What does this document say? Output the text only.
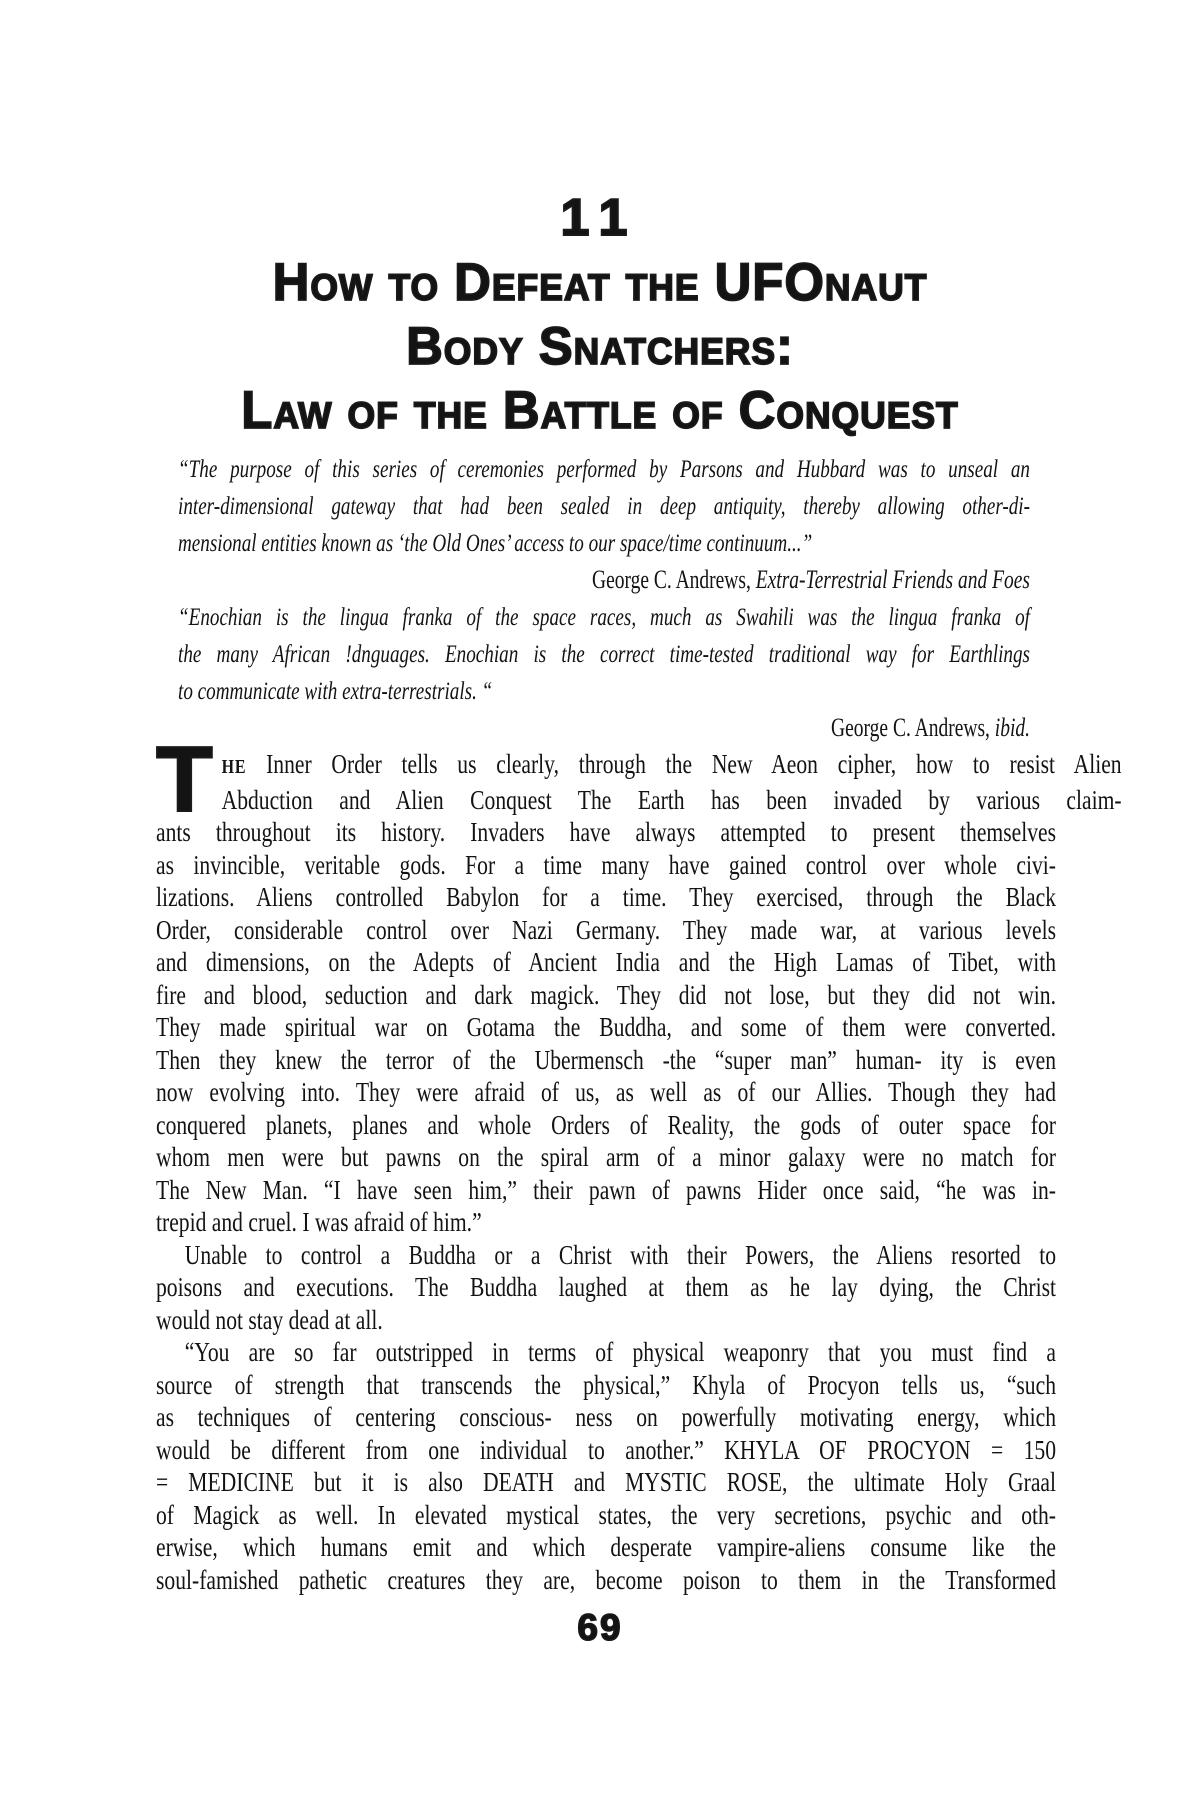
11
How to Defeat the UFOnaut
Body Snatchers:
Law of the Battle of Conquest
“The purpose of this series of ceremonies performed by Parsons and Hubbard was to unseal an
inter-dimensional gateway that had been sealed in deep antiquity, thereby allowing other-di-
mensional entities known as ‘the Old Ones’ access to our space/time continuum...”
George C. Andrews, Extra-Terrestrial Friends and Foes
“Enochian is the lingua franka of the space races, much as Swahili was the lingua franka of
the many African !dnguages. Enochian is the correct time-tested traditional way for Earthlings
to communicate with extra-terrestrials. “
George C. Andrews, ibid.
T HE Inner Order tells us clearly, through the New Aeon cipher, how to resist Alien
Abduction and Alien Conquest The Earth has been invaded by various claim-
ants throughout its history. Invaders have always attempted to present themselves
as invincible, veritable gods. For a time many have gained control over whole civi-
lizations. Aliens controlled Babylon for a time. They exercised, through the Black
Order, considerable control over Nazi Germany. They made war, at various levels
and dimensions, on the Adepts of Ancient India and the High Lamas of Tibet, with
fire and blood, seduction and dark magick. They did not lose, but they did not win.
They made spiritual war on Gotama the Buddha, and some of them were converted.
Then they knew the terror of the Ubermensch -the “super man” human- ity is even
now evolving into. They were afraid of us, as well as of our Allies. Though they had
conquered planets, planes and whole Orders of Reality, the gods of outer space for
whom men were but pawns on the spiral arm of a minor galaxy were no match for
The New Man. “I have seen him,” their pawn of pawns Hider once said, “he was in-
trepid and cruel. I was afraid of him.”
Unable to control a Buddha or a Christ with their Powers, the Aliens resorted to
poisons and executions. The Buddha laughed at them as he lay dying, the Christ
would not stay dead at all.
“You are so far outstripped in terms of physical weaponry that you must find a
source of strength that transcends the physical,” Khyla of Procyon tells us, “such
as techniques of centering conscious- ness on powerfully motivating energy, which
would be different from one individual to another.” KHYLA OF PROCYON = 150
= MEDICINE but it is also DEATH and MYSTIC ROSE, the ultimate Holy Graal
of Magick as well. In elevated mystical states, the very secretions, psychic and oth-
erwise, which humans emit and which desperate vampire-aliens consume like the
soul-famished pathetic creatures they are, become poison to them in the Transformed
69
